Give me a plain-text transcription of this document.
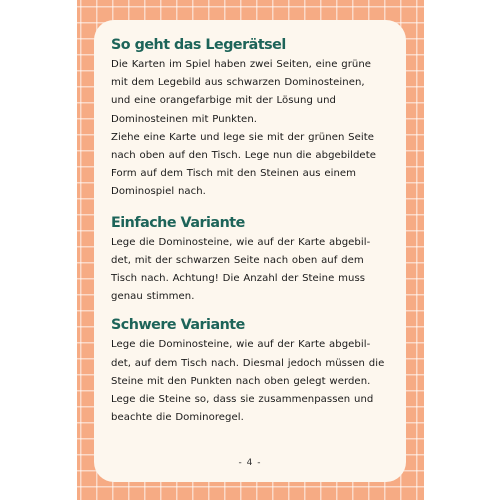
So geht das Legerätsel

Die Karten im Spiel haben zwei Seiten, eine grüne
mit dem Legebild aus schwarzen Dominosteinen,
und eine orangefarbige mit der Lösung und
Dominosteinen mit Punkten.
Ziehe eine Karte und lege sie mit der grünen Seite
nach oben auf den Tisch. Lege nun die abgebildete
Form auf dem Tisch mit den Steinen aus einem
Dominospiel nach.

Einfache Variante

Lege die Dominosteine, wie auf der Karte abgebil-
det, mit der schwarzen Seite nach oben auf dem
Tisch nach. Achtung! Die Anzahl der Steine muss
genau stimmen.

Schwere Variante

Lege die Dominosteine, wie auf der Karte abgebil-
det, auf dem Tisch nach. Diesmal jedoch müssen die
Steine mit den Punkten nach oben gelegt werden.
Lege die Steine so, dass sie zusammenpassen und
beachte die Dominoregel.

- 4 -
